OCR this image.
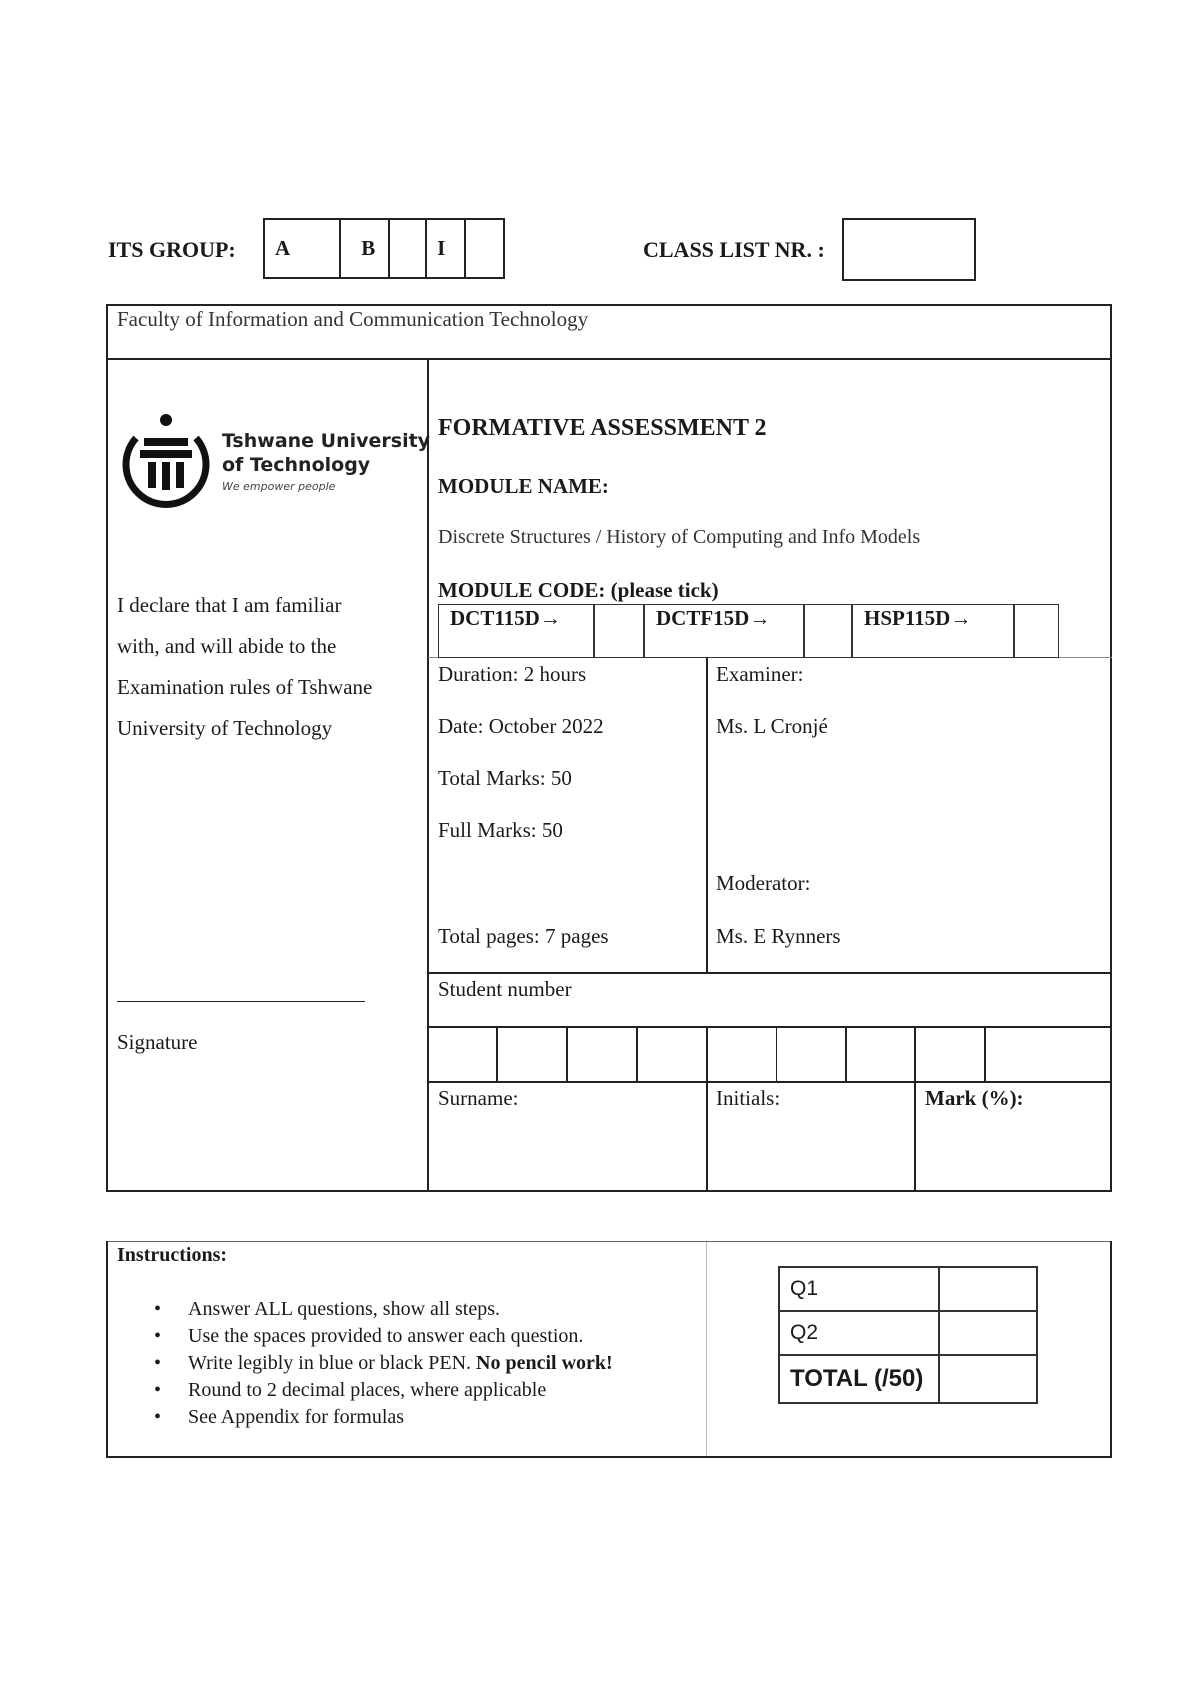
ITS GROUP:	A	B	I	CLASS LIST NR. :
Faculty of Information and Communication Technology
Tshwane University
of Technology
We empower people
I declare that I am familiar
with, and will abide to the
Examination rules of Tshwane
University of Technology
Signature
FORMATIVE ASSESSMENT 2
MODULE NAME:
Discrete Structures / History of Computing and Info Models
MODULE CODE: (please tick)
DCT115D→	DCTF15D→	HSP115D→
Duration: 2 hours
Date: October 2022
Total Marks: 50
Full Marks: 50
Total pages: 7 pages
Examiner:
Ms. L Cronjé
Moderator:
Ms. E Rynners
Student number
Surname:	Initials:	Mark (%):
Instructions:
• Answer ALL questions, show all steps.
• Use the spaces provided to answer each question.
• Write legibly in blue or black PEN. No pencil work!
• Round to 2 decimal places, where applicable
• See Appendix for formulas
Q1	
Q2	
TOTAL (/50)	
